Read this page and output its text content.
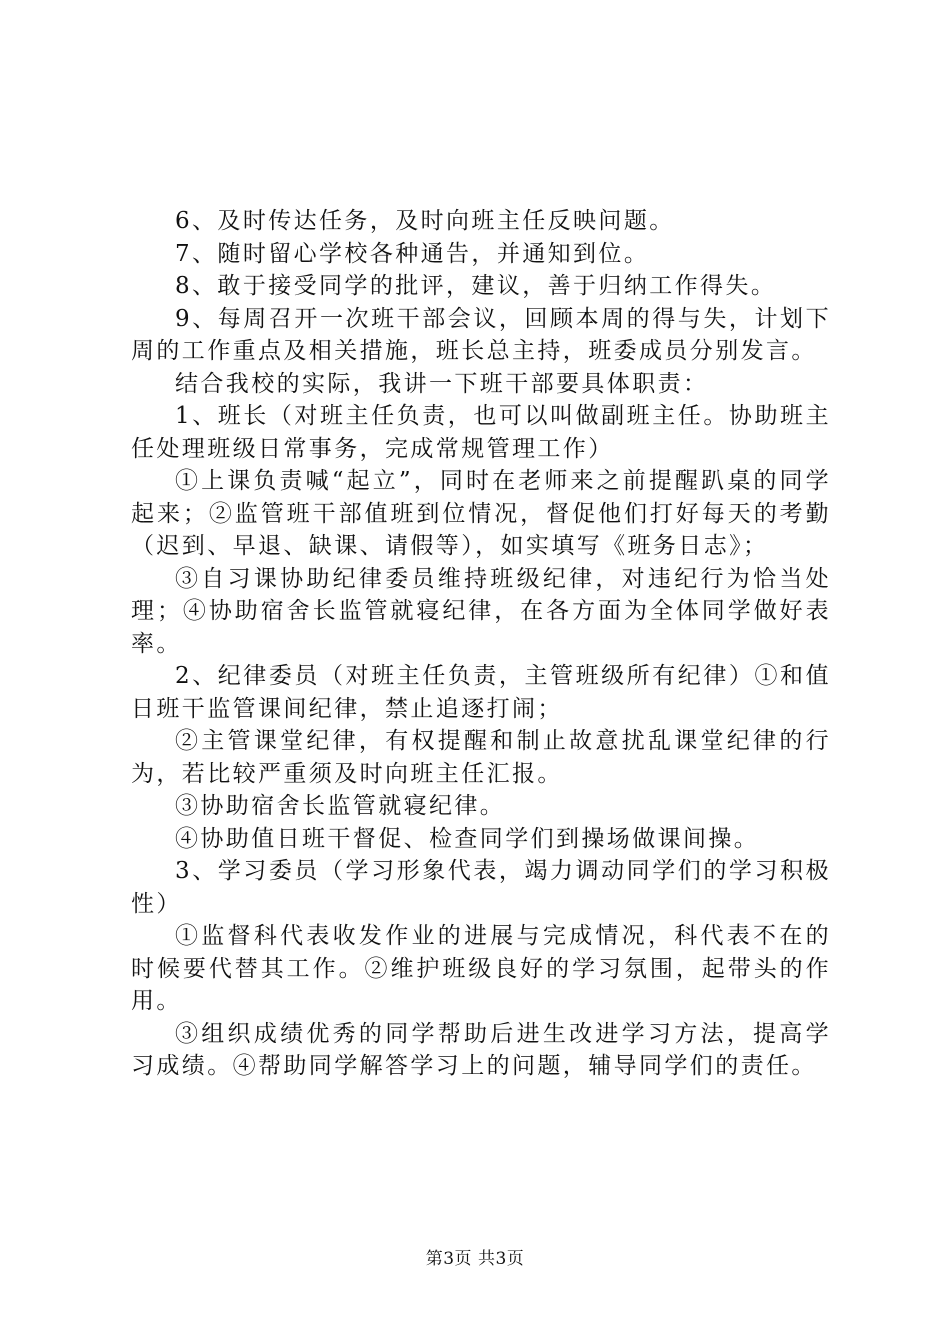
6、及时传达任务，及时向班主任反映问题。

7、随时留心学校各种通告，并通知到位。

8、敢于接受同学的批评，建议，善于归纳工作得失。

9、每周召开一次班干部会议，回顾本周的得与失，计划下周的工作重点及相关措施，班长总主持，班委成员分别发言。

结合我校的实际，我讲一下班干部要具体职责：

1、班长（对班主任负责，也可以叫做副班主任。协助班主任处理班级日常事务，完成常规管理工作）

①上课负责喊“起立”，同时在老师来之前提醒趴桌的同学起来；②监管班干部值班到位情况，督促他们打好每天的考勤（迟到、早退、缺课、请假等），如实填写《班务日志》；

③自习课协助纪律委员维持班级纪律，对违纪行为恰当处理；④协助宿舍长监管就寝纪律，在各方面为全体同学做好表率。

2、纪律委员（对班主任负责，主管班级所有纪律）①和值日班干监管课间纪律，禁止追逐打闹；

②主管课堂纪律，有权提醒和制止故意扰乱课堂纪律的行为，若比较严重须及时向班主任汇报。

③协助宿舍长监管就寝纪律。

④协助值日班干督促、检查同学们到操场做课间操。

3、学习委员（学习形象代表，竭力调动同学们的学习积极性）

①监督科代表收发作业的进展与完成情况，科代表不在的时候要代替其工作。②维护班级良好的学习氛围，起带头的作用。

③组织成绩优秀的同学帮助后进生改进学习方法，提高学习成绩。④帮助同学解答学习上的问题，辅导同学们的责任。

第3页 共3页
